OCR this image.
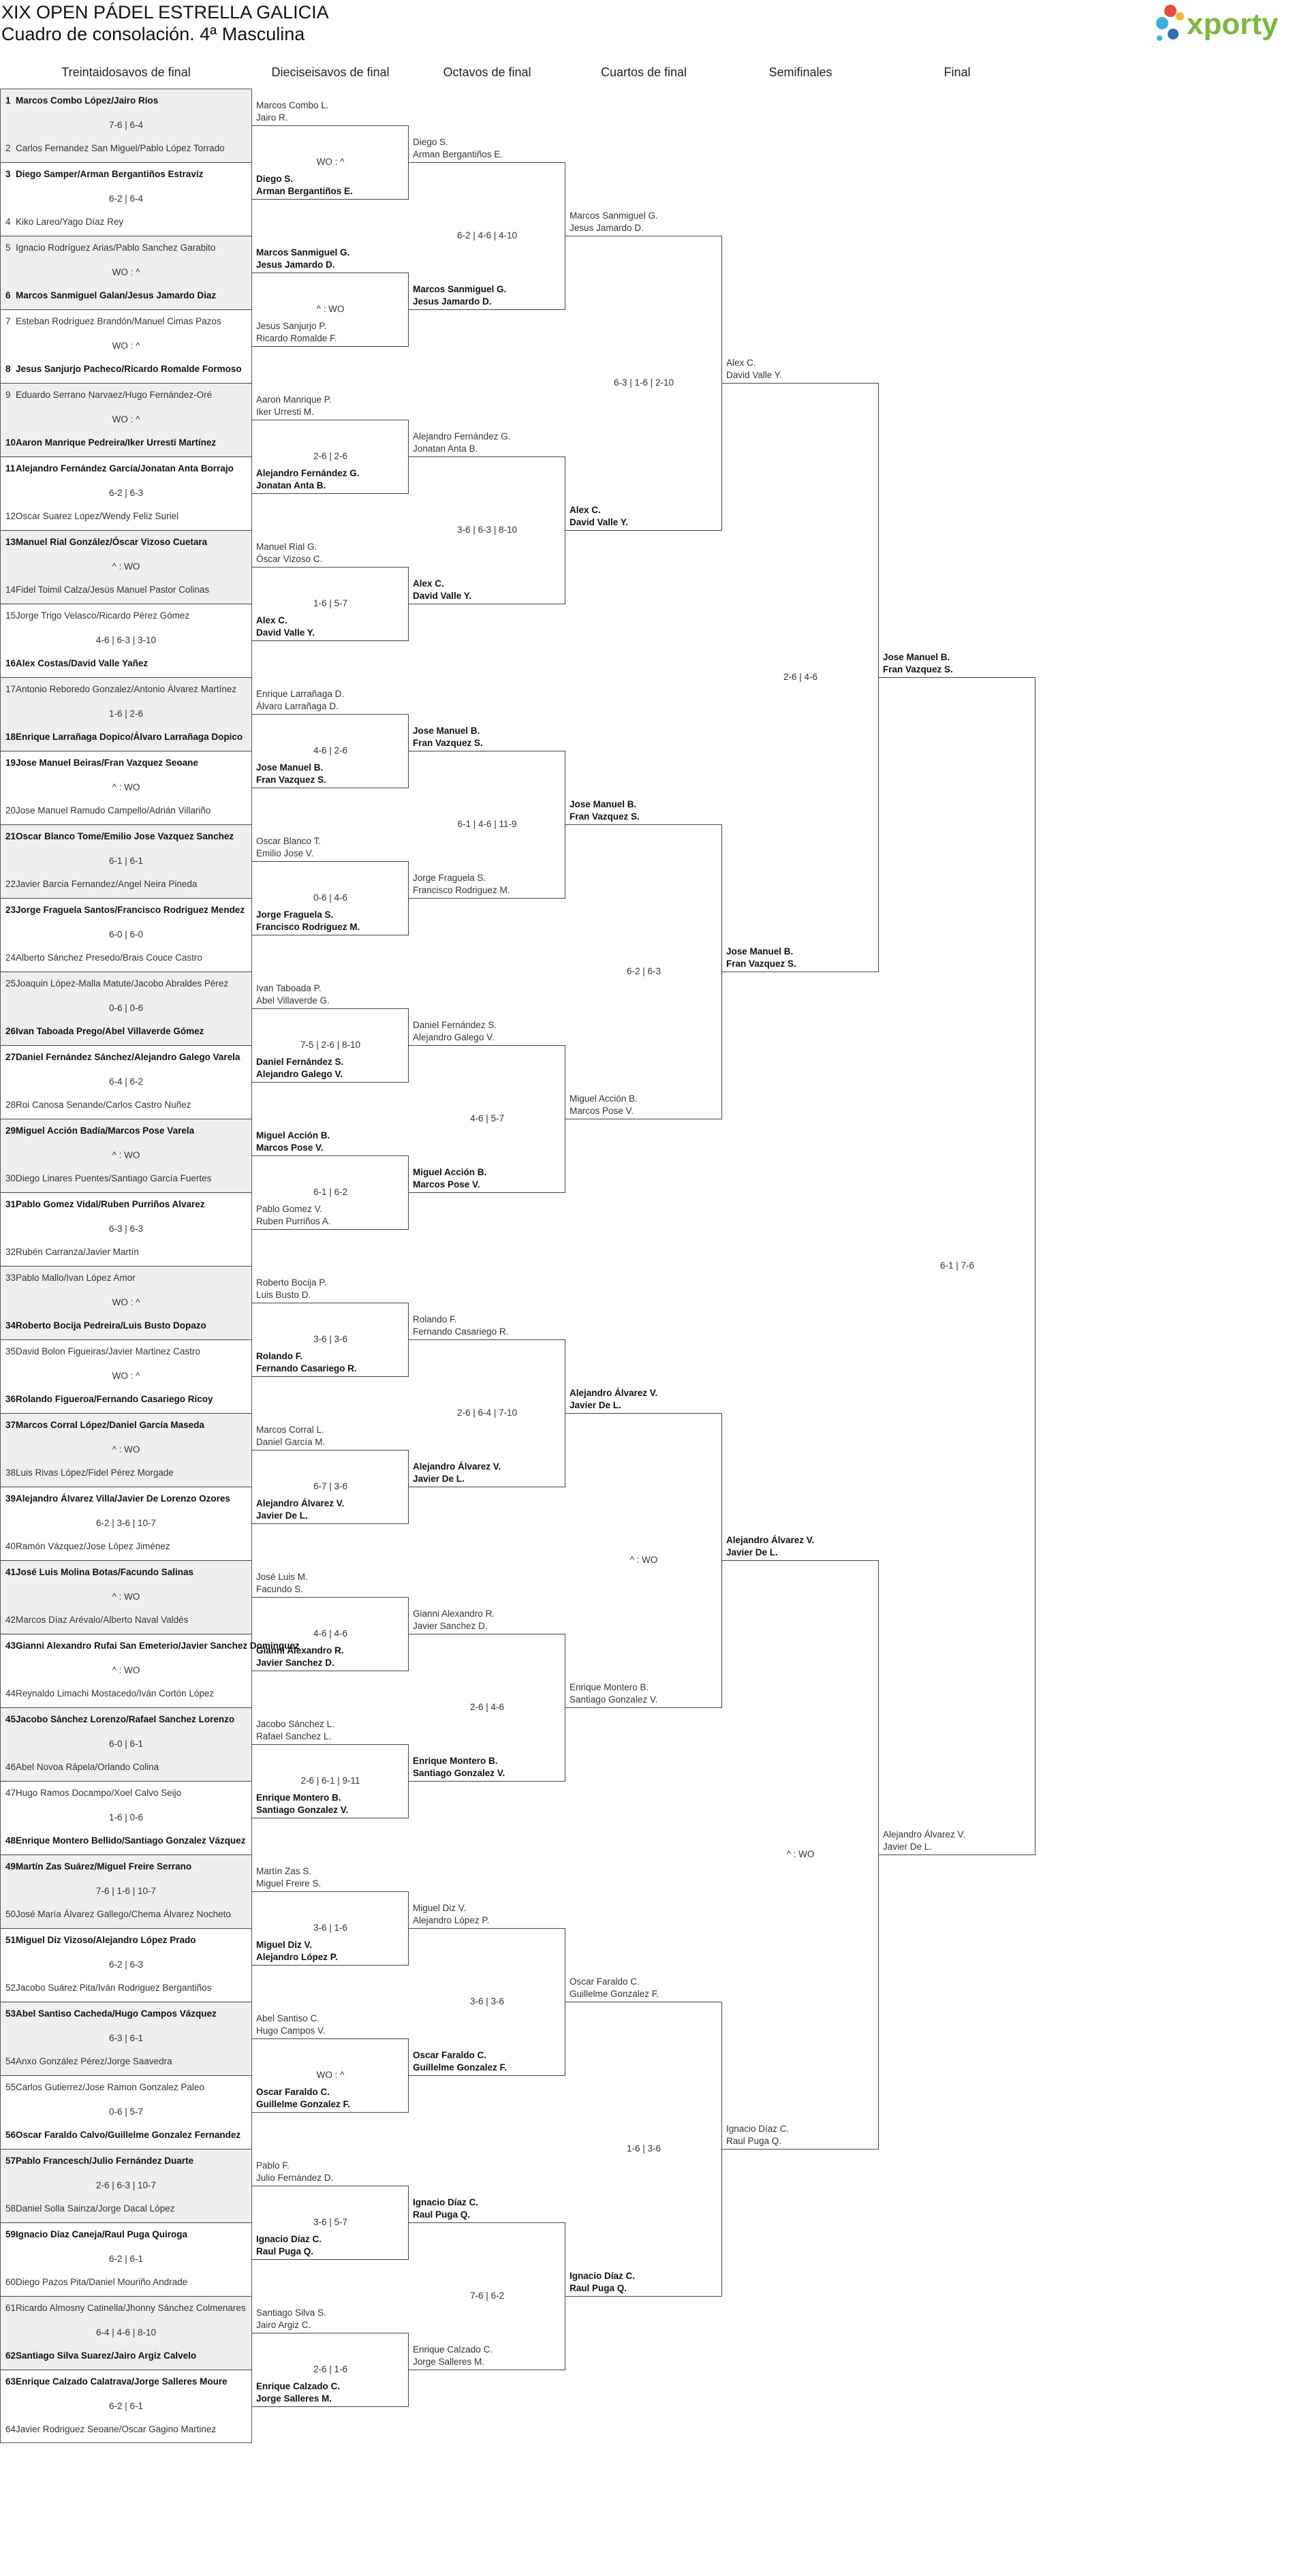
XIX OPEN PÁDEL ESTRELLA GALICIA
Cuadro de consolación. 4ª Masculina	xporty
Treintaidosavos de final	Dieciseisavos de final	Octavos de final	Cuartos de final	Semifinales	Final
1 Marcos Combo López/Jairo Ríos
2 Carlos Fernandez San Miguel/Pablo López Torrado
7-6 | 6-4
3 Diego Samper/Arman Bergantiños Estravíz
4 Kiko Lareo/Yago Díaz Rey
6-2 | 6-4
5 Ignacio Rodríguez Arias/Pablo Sanchez Garabito
6 Marcos Sanmiguel Galan/Jesus Jamardo Diaz
WO : ^
7 Esteban Rodríguez Brandón/Manuel Cimas Pazos
8 Jesus Sanjurjo Pacheco/Ricardo Romalde Formoso
WO : ^
9 Eduardo Serrano Narvaez/Hugo Fernández-Oré
10Aaron Manrique Pedreira/Iker Urresti Martínez
WO : ^
11Alejandro Fernández García/Jonatan Anta Borrajo
12Oscar Suarez Lopez/Wendy Feliz Suriel
6-2 | 6-3
13Manuel Rial González/Óscar Vizoso Cuetara
14Fidel Toimil Calza/Jesús Manuel Pastor Colinas
^ : WO
15Jorge Trigo Velasco/Ricardo Pérez Gómez
16Alex Costas/David Valle Yañez
4-6 | 6-3 | 3-10
17Antonio Reboredo Gonzalez/Antonio Álvarez Martínez
18Enrique Larrañaga Dopico/Álvaro Larrañaga Dopico
1-6 | 2-6
19Jose Manuel Beiras/Fran Vazquez Seoane
20Jose Manuel Ramudo Campello/Adrián Villariño
^ : WO
21Oscar Blanco Tome/Emilio Jose Vazquez Sanchez
22Javier Barcia Fernandez/Angel Neira Pineda
6-1 | 6-1
23Jorge Fraguela Santos/Francisco Rodriguez Mendez
24Alberto Sánchez Presedo/Brais Couce Castro
6-0 | 6-0
25Joaquin López-Malla Matute/Jacobo Abraldes Pérez
26Ivan Taboada Prego/Abel Villaverde Gómez
0-6 | 0-6
27Daniel Fernández Sánchez/Alejandro Galego Varela
28Roi Canosa Senande/Carlos Castro Nuñez
6-4 | 6-2
29Miguel Acción Badía/Marcos Pose Varela
30Diego Linares Puentes/Santiago García Fuertes
^ : WO
31Pablo Gomez Vidal/Ruben Purriños Alvarez
32Rubén Carranza/Javier Martín
6-3 | 6-3
33Pablo Mallo/Ivan López Amor
34Roberto Bocija Pedreira/Luis Busto Dopazo
WO : ^
35David Bolon Figueiras/Javier Martinez Castro
36Rolando Figueroa/Fernando Casariego Ricoy
WO : ^
37Marcos Corral López/Daniel García Maseda
38Luis Rivas López/Fidel Pérez Morgade
^ : WO
39Alejandro Álvarez Villa/Javier De Lorenzo Ozores
40Ramón Vázquez/Jose López Jiménez
6-2 | 3-6 | 10-7
41José Luis Molina Botas/Facundo Salinas
42Marcos Díaz Arévalo/Alberto Naval Valdés
^ : WO
43Gianni Alexandro Rufai San Emeterio/Javier Sanchez Dominguez
44Reynaldo Limachi Mostacedo/Iván Cortón López
^ : WO
45Jacobo Sánchez Lorenzo/Rafael Sanchez Lorenzo
46Abel Novoa Rápela/Orlando Colina
6-0 | 6-1
47Hugo Ramos Docampo/Xoel Calvo Seijo
48Enrique Montero Bellido/Santiago Gonzalez Vázquez
1-6 | 0-6
49Martín Zas Suárez/Miguel Freire Serrano
50José María Álvarez Gallego/Chema Álvarez Nocheto
7-6 | 1-6 | 10-7
51Miguel Diz Vizoso/Alejandro López Prado
52Jacobo Suárez Pita/Iván Rodriguez Bergantiños
6-2 | 6-3
53Abel Santiso Cacheda/Hugo Campos Vázquez
54Anxo González Pérez/Jorge Saavedra
6-3 | 6-1
55Carlos Gutierrez/Jose Ramon Gonzalez Paleo
56Oscar Faraldo Calvo/Guillelme Gonzalez Fernandez
0-6 | 5-7
57Pablo Francesch/Julio Fernández Duarte
58Daniel Solla Sainza/Jorge Dacal López
2-6 | 6-3 | 10-7
59Ignacio Díaz Caneja/Raul Puga Quiroga
60Diego Pazos Pita/Daniel Mouriño Andrade
6-2 | 6-1
61Ricardo Almosny Catinella/Jhonny Sánchez Colmenares
62Santiago Silva Suarez/Jairo Argiz Calvelo
6-4 | 4-6 | 8-10
63Enrique Calzado Calatrava/Jorge Salleres Moure
64Javier Rodriguez Seoane/Oscar Gagino Martinez
6-2 | 6-1
Marcos Combo L.
Jairo R.
Diego S.
Arman Bergantiños E.
WO : ^
Marcos Sanmiguel G.
Jesus Jamardo D.
Jesus Sanjurjo P.
Ricardo Romalde F.
^ : WO
Aaron Manrique P.
Iker Urresti M.
Alejandro Fernández G.
Jonatan Anta B.
2-6 | 2-6
Manuel Rial G.
Óscar Vizoso C.
Alex C.
David Valle Y.
1-6 | 5-7
Enrique Larrañaga D.
Álvaro Larrañaga D.
Jose Manuel B.
Fran Vazquez S.
4-6 | 2-6
Oscar Blanco T.
Emilio Jose V.
Jorge Fraguela S.
Francisco Rodriguez M.
0-6 | 4-6
Ivan Taboada P.
Abel Villaverde G.
Daniel Fernández S.
Alejandro Galego V.
7-5 | 2-6 | 8-10
Miguel Acción B.
Marcos Pose V.
Pablo Gomez V.
Ruben Purriños A.
6-1 | 6-2
Roberto Bocija P.
Luis Busto D.
Rolando F.
Fernando Casariego R.
3-6 | 3-6
Marcos Corral L.
Daniel García M.
Alejandro Álvarez V.
Javier De L.
6-7 | 3-6
José Luis M.
Facundo S.
Gianni Alexandro R.
Javier Sanchez D.
4-6 | 4-6
Jacobo Sánchez L.
Rafael Sanchez L.
Enrique Montero B.
Santiago Gonzalez V.
2-6 | 6-1 | 9-11
Martín Zas S.
Miguel Freire S.
Miguel Diz V.
Alejandro López P.
3-6 | 1-6
Abel Santiso C.
Hugo Campos V.
Oscar Faraldo C.
Guillelme Gonzalez F.
WO : ^
Pablo F.
Julio Fernández D.
Ignacio Díaz C.
Raul Puga Q.
3-6 | 5-7
Santiago Silva S.
Jairo Argiz C.
Enrique Calzado C.
Jorge Salleres M.
2-6 | 1-6
Diego S.
Arman Bergantiños E.
Marcos Sanmiguel G.
Jesus Jamardo D.
6-2 | 4-6 | 4-10
Alejandro Fernández G.
Jonatan Anta B.
Alex C.
David Valle Y.
3-6 | 6-3 | 8-10
Jose Manuel B.
Fran Vazquez S.
Jorge Fraguela S.
Francisco Rodriguez M.
6-1 | 4-6 | 11-9
Daniel Fernández S.
Alejandro Galego V.
Miguel Acción B.
Marcos Pose V.
4-6 | 5-7
Rolando F.
Fernando Casariego R.
Alejandro Álvarez V.
Javier De L.
2-6 | 6-4 | 7-10
Gianni Alexandro R.
Javier Sanchez D.
Enrique Montero B.
Santiago Gonzalez V.
2-6 | 4-6
Miguel Diz V.
Alejandro López P.
Oscar Faraldo C.
Guillelme Gonzalez F.
3-6 | 3-6
Ignacio Díaz C.
Raul Puga Q.
Enrique Calzado C.
Jorge Salleres M.
7-6 | 6-2
Marcos Sanmiguel G.
Jesus Jamardo D.
Alex C.
David Valle Y.
6-3 | 1-6 | 2-10
Jose Manuel B.
Fran Vazquez S.
Miguel Acción B.
Marcos Pose V.
6-2 | 6-3
Alejandro Álvarez V.
Javier De L.
Enrique Montero B.
Santiago Gonzalez V.
^ : WO
Oscar Faraldo C.
Guillelme Gonzalez F.
Ignacio Díaz C.
Raul Puga Q.
1-6 | 3-6
Alex C.
David Valle Y.
Jose Manuel B.
Fran Vazquez S.
2-6 | 4-6
Alejandro Álvarez V.
Javier De L.
Ignacio Díaz C.
Raul Puga Q.
^ : WO
Jose Manuel B.
Fran Vazquez S.
Alejandro Álvarez V.
Javier De L.
6-1 | 7-6
